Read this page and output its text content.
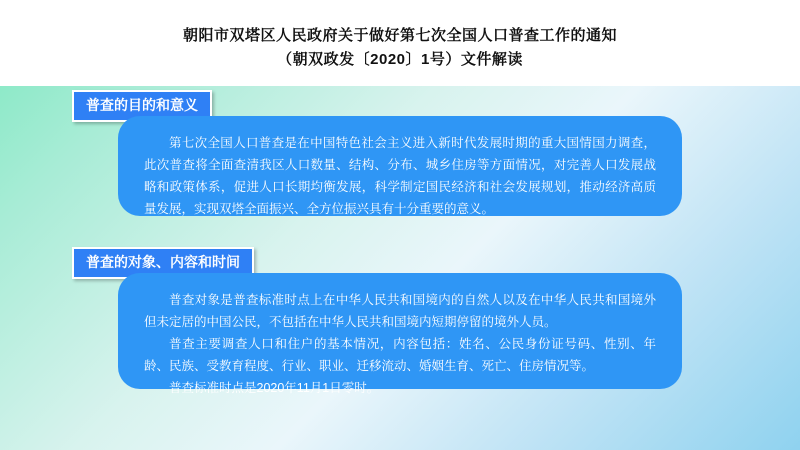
朝阳市双塔区人民政府关于做好第七次全国人口普查工作的通知
（朝双政发〔2020〕1号）文件解读
普查的目的和意义

第七次全国人口普查是在中国特色社会主义进入新时代发展时期的重大国情国力调查，此次普查将全面查清我区人口数量、结构、分布、城乡住房等方面情况，对完善人口发展战略和政策体系，促进人口长期均衡发展，科学制定国民经济和社会发展规划，推动经济高质量发展，实现双塔全面振兴、全方位振兴具有十分重要的意义。

普查的对象、内容和时间

普查对象是普查标准时点上在中华人民共和国境内的自然人以及在中华人民共和国境外但未定居的中国公民，不包括在中华人民共和国境内短期停留的境外人员。

普查主要调查人口和住户的基本情况，内容包括：姓名、公民身份证号码、性别、年龄、民族、受教育程度、行业、职业、迁移流动、婚姻生育、死亡、住房情况等。

普查标准时点是2020年11月1日零时。
